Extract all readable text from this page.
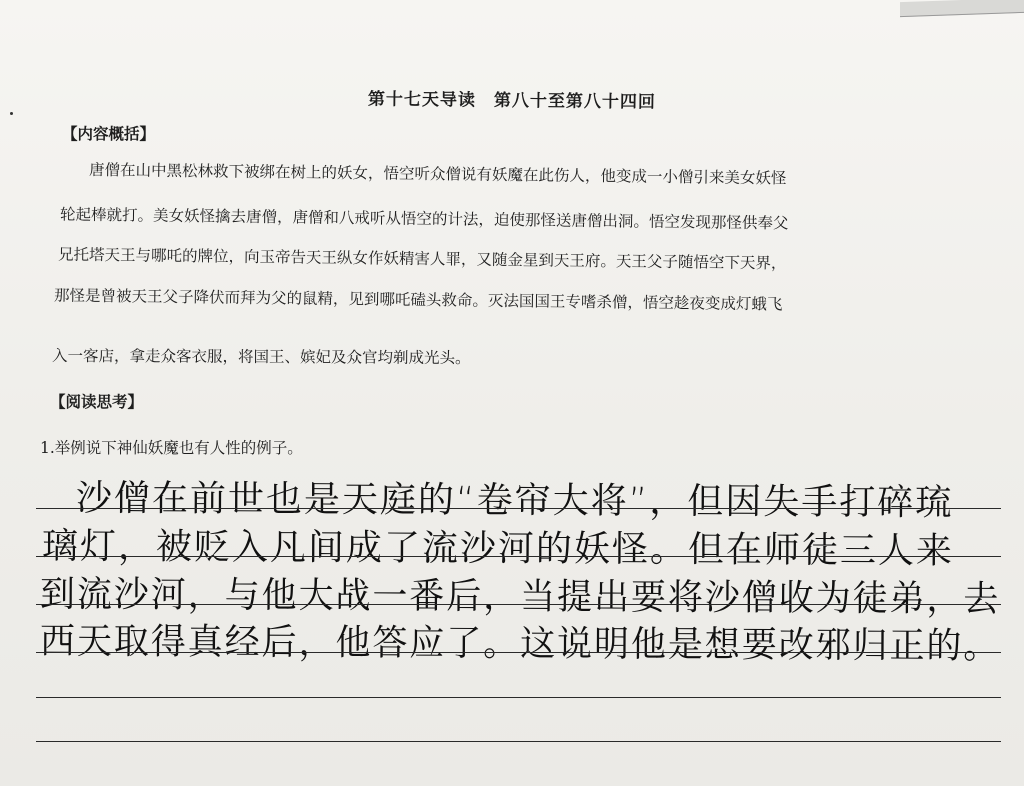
第十七天导读　第八十至第八十四回
【内容概括】
　　唐僧在山中黑松林救下被绑在树上的妖女，悟空听众僧说有妖魔在此伤人，他变成一小僧引来美女妖怪
轮起棒就打。美女妖怪擒去唐僧，唐僧和八戒听从悟空的计法，迫使那怪送唐僧出洞。悟空发现那怪供奉父
兄托塔天王与哪吒的牌位，向玉帝告天王纵女作妖精害人罪，又随金星到天王府。天王父子随悟空下天界，
那怪是曾被天王父子降伏而拜为父的鼠精，见到哪吒磕头救命。灭法国国王专嗜杀僧，悟空趁夜变成灯蛾飞
入一客店，拿走众客衣服，将国王、嫔妃及众官均剃成光头。
【阅读思考】
1.举例说下神仙妖魔也有人性的例子。
沙僧在前世也是天庭的“卷帘大将”，但因失手打碎琉
璃灯，被贬入凡间成了流沙河的妖怪。但在师徒三人来
到流沙河，与他大战一番后，当提出要将沙僧收为徒弟，去
西天取得真经后，他答应了。这说明他是想要改邪归正的。
